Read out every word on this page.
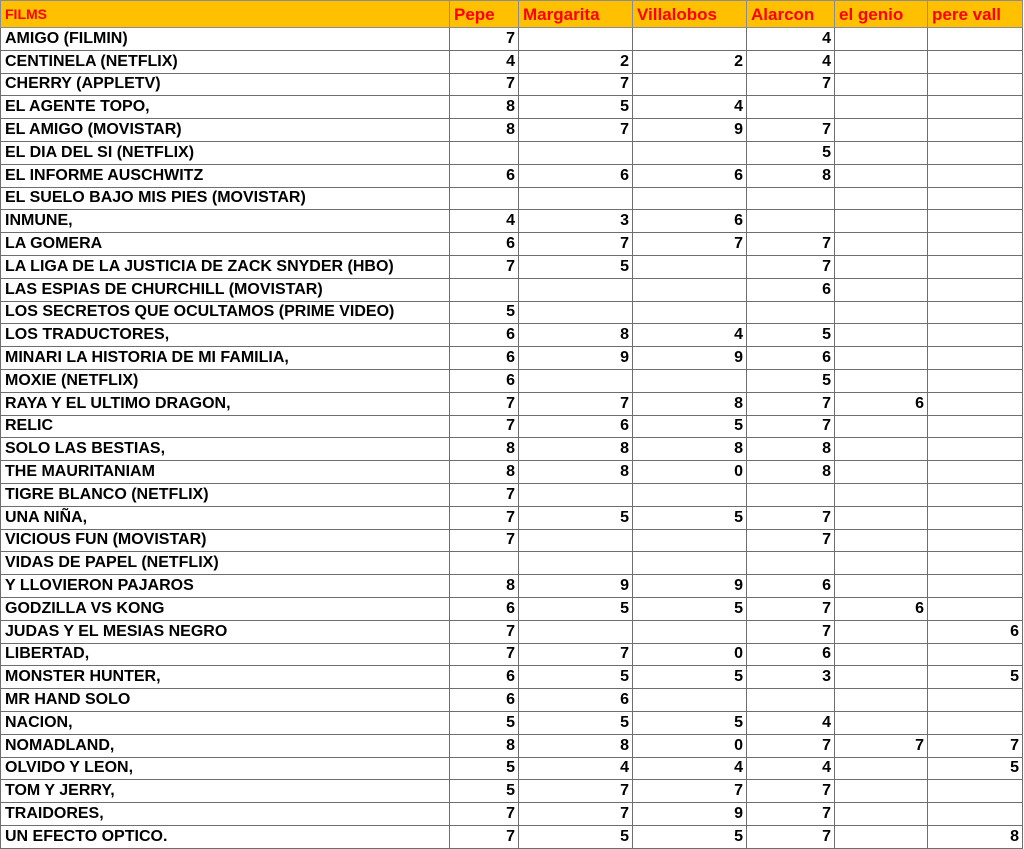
FILMS	Pepe	Margarita	Villalobos	Alarcon	el genio	pere vall
AMIGO (FILMIN)	7			4		
CENTINELA (NETFLIX)	4	2	2	4		
CHERRY (APPLETV)	7	7		7		
EL AGENTE TOPO,	8	5	4			
EL AMIGO (MOVISTAR)	8	7	9	7		
EL DIA DEL SI (NETFLIX)				5		
EL INFORME AUSCHWITZ	6	6	6	8		
EL SUELO BAJO MIS PIES (MOVISTAR)						
INMUNE,	4	3	6			
LA GOMERA	6	7	7	7		
LA LIGA DE LA JUSTICIA DE ZACK SNYDER (HBO)	7	5		7		
LAS ESPIAS DE CHURCHILL (MOVISTAR)				6		
LOS SECRETOS QUE OCULTAMOS (PRIME VIDEO)	5					
LOS TRADUCTORES,	6	8	4	5		
MINARI LA HISTORIA DE MI FAMILIA,	6	9	9	6		
MOXIE (NETFLIX)	6			5		
RAYA Y EL ULTIMO DRAGON,	7	7	8	7	6	
RELIC	7	6	5	7		
SOLO LAS BESTIAS,	8	8	8	8		
THE MAURITANIAM	8	8	0	8		
TIGRE BLANCO (NETFLIX)	7					
UNA NIÑA,	7	5	5	7		
VICIOUS FUN (MOVISTAR)	7			7		
VIDAS DE PAPEL (NETFLIX)						
Y LLOVIERON PAJAROS	8	9	9	6		
GODZILLA VS KONG	6	5	5	7	6	
JUDAS Y EL MESIAS NEGRO	7			7		6
LIBERTAD,	7	7	0	6		
MONSTER HUNTER,	6	5	5	3		5
MR HAND SOLO	6	6				
NACION,	5	5	5	4		
NOMADLAND,	8	8	0	7	7	7
OLVIDO Y LEON,	5	4	4	4		5
TOM Y JERRY,	5	7	7	7		
TRAIDORES,	7	7	9	7		
UN EFECTO OPTICO.	7	5	5	7		8
